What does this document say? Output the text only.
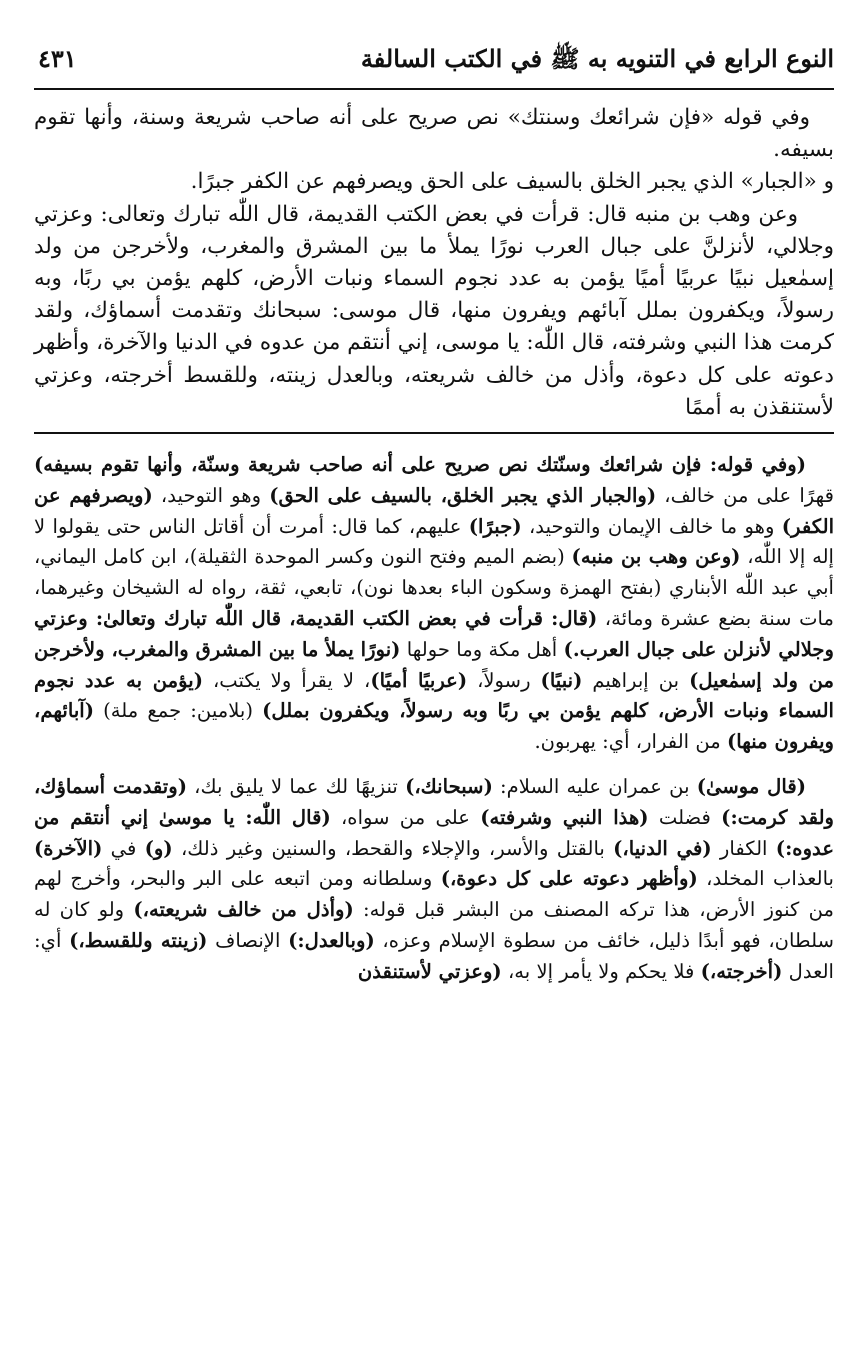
النوع الرابع في التنويه به ﷺ في الكتب السالفة
٤٣١

وفي قوله «فإن شرائعك وسنتك» نص صريح على أنه صاحب شريعة وسنة، وأنها تقوم بسيفه.

و «الجبار» الذي يجبر الخلق بالسيف على الحق ويصرفهم عن الكفر جبرًا.

وعن وهب بن منبه قال: قرأت في بعض الكتب القديمة، قال اللّٰه تبارك وتعالى: وعزتي وجلالي، لأنزلنَّ على جبال العرب نورًا يملأ ما بين المشرق والمغرب، ولأخرجن من ولد إسمٰعيل نبيًا عربيًا أميًا يؤمن به عدد نجوم السماء ونبات الأرض، كلهم يؤمن بي ربًا، وبه رسولاً، ويكفرون بملل آبائهم ويفرون منها، قال موسى: سبحانك وتقدمت أسماؤك، ولقد كرمت هذا النبي وشرفته، قال اللّٰه: يا موسى، إني أنتقم من عدوه في الدنيا والآخرة، وأظهر دعوته على كل دعوة، وأذل من خالف شريعته، وبالعدل زينته، وللقسط أخرجته، وعزتي لأستنقذن به أممًا

(وفي قوله: فإن شرائعك وسنّتك نص صريح على أنه صاحب شريعة وسنّة، وأنها تقوم بسيفه) قهرًا على من خالف، (والجبار الذي يجبر الخلق، بالسيف على الحق) وهو التوحيد، (ويصرفهم عن الكفر) وهو ما خالف الإيمان والتوحيد، (جبرًا) عليهم، كما قال: أمرت أن أقاتل الناس حتى يقولوا لا إله إلا اللّٰه، (وعن وهب بن منبه) (بضم الميم وفتح النون وكسر الموحدة الثقيلة)، ابن كامل اليماني، أبي عبد اللّٰه الأبناري (بفتح الهمزة وسكون الباء بعدها نون)، تابعي، ثقة، رواه له الشيخان وغيرهما، مات سنة بضع عشرة ومائة، (قال: قرأت في بعض الكتب القديمة، قال اللّٰه تبارك وتعالىٰ: وعزتي وجلالي لأنزلن على جبال العرب.) أهل مكة وما حولها (نورًا يملأ ما بين المشرق والمغرب، ولأخرجن من ولد إسمٰعيل) بن إبراهيم (نبيًا) رسولاً، (عربيًا أميًا)، لا يقرأ ولا يكتب، (يؤمن به عدد نجوم السماء ونبات الأرض، كلهم يؤمن بي ربًا وبه رسولاً، ويكفرون بملل) (بلامين: جمع ملة) (آبائهم، ويفرون منها) من الفرار، أي: يهربون.

(قال موسىٰ) بن عمران عليه السلام: (سبحانك،) تنزيهًا لك عما لا يليق بك، (وتقدمت أسماؤك، ولقد كرمت:) فضلت (هذا النبي وشرفته) على من سواه، (قال اللّٰه: يا موسىٰ إني أنتقم من عدوه:) الكفار (في الدنيا،) بالقتل والأسر، والإجلاء والقحط، والسنين وغير ذلك، (و) في (الآخرة) بالعذاب المخلد، (وأظهر دعوته على كل دعوة،) وسلطانه ومن اتبعه على البر والبحر، وأخرج لهم من كنوز الأرض، هذا تركه المصنف من البشر قبل قوله: (وأذل من خالف شريعته،) ولو كان له سلطان، فهو أبدًا ذليل، خائف من سطوة الإسلام وعزه، (وبالعدل:) الإنصاف (زينته وللقسط،) أي: العدل (أخرجته،) فلا يحكم ولا يأمر إلا به، (وعزتي لأستنقذن
